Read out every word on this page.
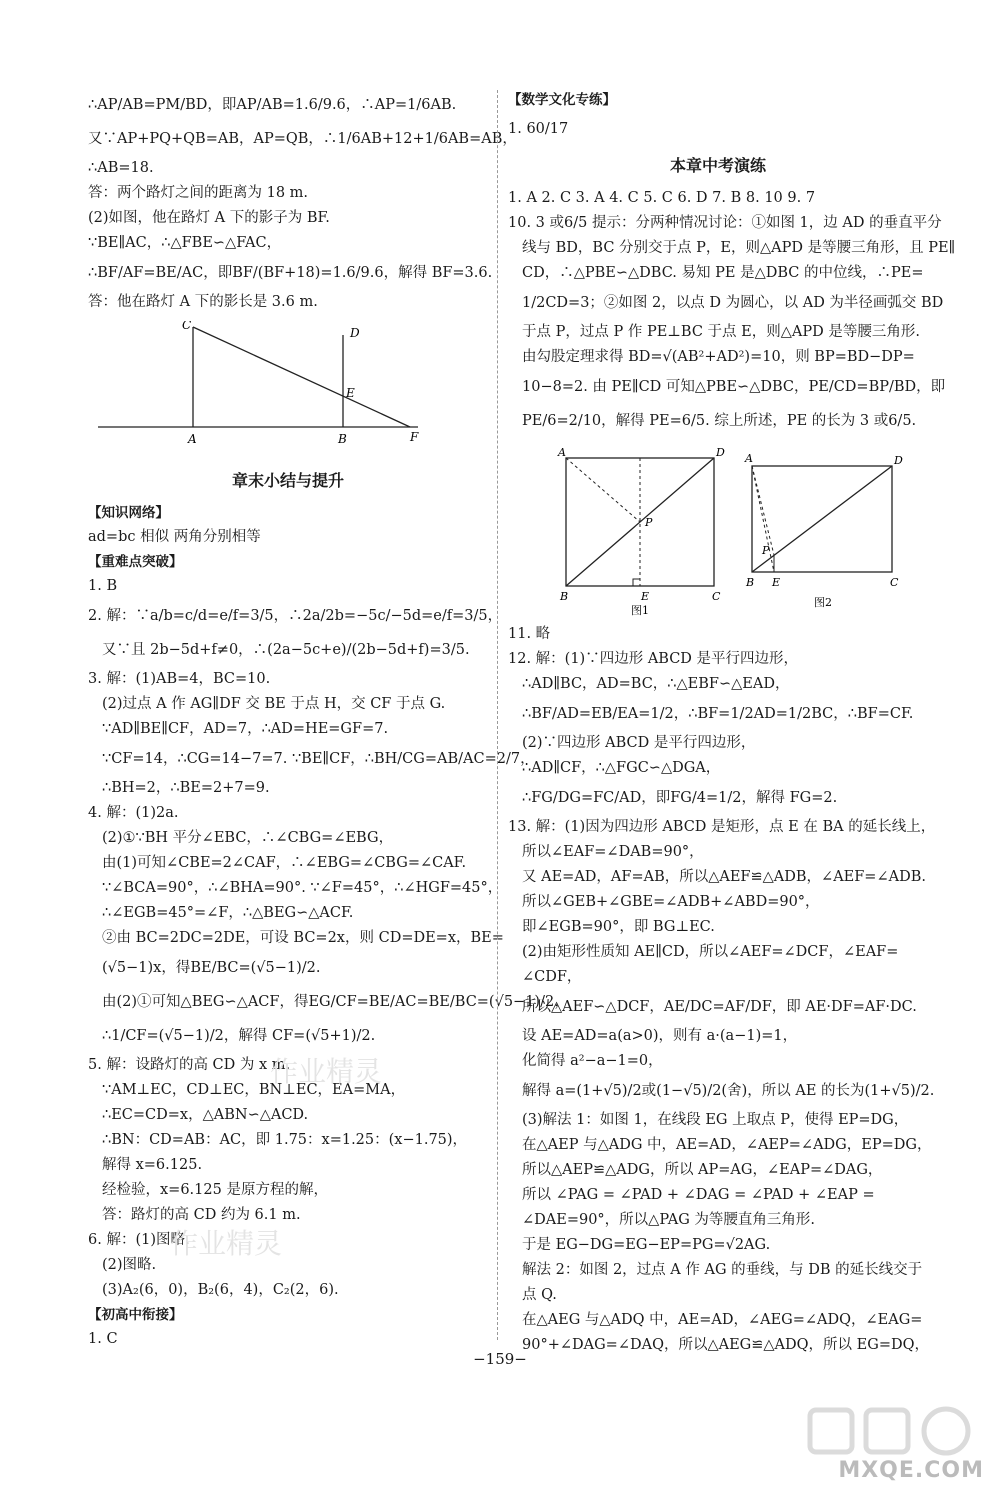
∴AP/AB=PM/BD，即AP/AB=1.6/9.6，∴AP=1/6AB.
又∵AP+PQ+QB=AB，AP=QB，∴1/6AB+12+1/6AB=AB，
∴AB=18.
答：两个路灯之间的距离为 18 m.
(2)如图，他在路灯 A 下的影子为 BF.
∵BE∥AC，∴△FBE∽△FAC，
∴BF/AF=BE/AC，即BF/(BF+18)=1.6/9.6，解得 BF=3.6.
答：他在路灯 A 下的影长是 3.6 m.
C
D
E
A	B	F
章末小结与提升
【知识网络】
ad=bc 相似 两角分别相等
【重难点突破】
1. B
2. 解：∵a/b=c/d=e/f=3/5，∴2a/2b=−5c/−5d=e/f=3/5，
又∵且 2b−5d+f≠0，∴(2a−5c+e)/(2b−5d+f)=3/5.
3. 解：(1)AB=4，BC=10.
(2)过点 A 作 AG∥DF 交 BE 于点 H，交 CF 于点 G.
∵AD∥BE∥CF，AD=7，∴AD=HE=GF=7.
∵CF=14，∴CG=14−7=7. ∵BE∥CF，∴BH/CG=AB/AC=2/7，
∴BH=2，∴BE=2+7=9.
4. 解：(1)2a.
(2)①∵BH 平分∠EBC，∴∠CBG=∠EBG，
由(1)可知∠CBE=2∠CAF，∴∠EBG=∠CBG=∠CAF.
∵∠BCA=90°，∴∠BHA=90°. ∵∠F=45°，∴∠HGF=45°，
∴∠EGB=45°=∠F，∴△BEG∽△ACF.
②由 BC=2DC=2DE，可设 BC=2x，则 CD=DE=x，BE=
(√5−1)x，得BE/BC=(√5−1)/2.
由(2)①可知△BEG∽△ACF，得EG/CF=BE/AC=BE/BC=(√5−1)/2，
∴1/CF=(√5−1)/2，解得 CF=(√5+1)/2.
5. 解：设路灯的高 CD 为 x m.
∵AM⊥EC，CD⊥EC，BN⊥EC，EA=MA，
∴EC=CD=x，△ABN∽△ACD.
∴BN：CD=AB：AC，即 1.75：x=1.25：(x−1.75)，
解得 x=6.125.
经检验，x=6.125 是原方程的解，
答：路灯的高 CD 约为 6.1 m.
6. 解：(1)图略.
(2)图略.
(3)A₂(6，0)，B₂(6，4)，C₂(2，6).
【初高中衔接】
1. C
【数学文化专练】
1. 60/17
本章中考演练
1. A 2. C 3. A 4. C 5. C 6. D 7. B 8. 10 9. 7
10. 3 或6/5 提示：分两种情况讨论：①如图 1，边 AD 的垂直平分
线与 BD，BC 分别交于点 P，E，则△APD 是等腰三角形，且 PE∥
CD，∴△PBE∽△DBC. 易知 PE 是△DBC 的中位线，∴PE=
1/2CD=3；②如图 2，以点 D 为圆心，以 AD 为半径画弧交 BD
于点 P，过点 P 作 PE⊥BC 于点 E，则△APD 是等腰三角形.
由勾股定理求得 BD=√(AB²+AD²)=10，则 BP=BD−DP=
10−8=2. 由 PE∥CD 可知△PBE∽△DBC，PE/CD=BP/BD，即
PE/6=2/10，解得 PE=6/5. 综上所述，PE 的长为 3 或6/5.
A	D
P
B	E	C
图1
A	D
P
B E	C
图2
11. 略
12. 解：(1)∵四边形 ABCD 是平行四边形，
∴AD∥BC，AD=BC，∴△EBF∽△EAD，
∴BF/AD=EB/EA=1/2，∴BF=1/2AD=1/2BC，∴BF=CF.
(2)∵四边形 ABCD 是平行四边形，
∴AD∥CF，∴△FGC∽△DGA，
∴FG/DG=FC/AD，即FG/4=1/2，解得 FG=2.
13. 解：(1)因为四边形 ABCD 是矩形，点 E 在 BA 的延长线上，
所以∠EAF=∠DAB=90°，
又 AE=AD，AF=AB，所以△AEF≌△ADB，∠AEF=∠ADB.
所以∠GEB+∠GBE=∠ADB+∠ABD=90°，
即∠EGB=90°，即 BG⊥EC.
(2)由矩形性质知 AE∥CD，所以∠AEF=∠DCF，∠EAF=
∠CDF，
所以△AEF∽△DCF，AE/DC=AF/DF，即 AE·DF=AF·DC.
设 AE=AD=a(a>0)，则有 a·(a−1)=1，
化简得 a²−a−1=0，
解得 a=(1+√5)/2或(1−√5)/2(舍)，所以 AE 的长为(1+√5)/2.
(3)解法 1：如图 1，在线段 EG 上取点 P，使得 EP=DG，
在△AEP 与△ADG 中，AE=AD，∠AEP=∠ADG，EP=DG，
所以△AEP≌△ADG，所以 AP=AG，∠EAP=∠DAG，
所以 ∠PAG = ∠PAD + ∠DAG = ∠PAD + ∠EAP =
∠DAE=90°，所以△PAG 为等腰直角三角形.
于是 EG−DG=EG−EP=PG=√2AG.
解法 2：如图 2，过点 A 作 AG 的垂线，与 DB 的延长线交于
点 Q.
在△AEG 与△ADQ 中，AE=AD，∠AEG=∠ADQ，∠EAG=
90°+∠DAG=∠DAQ，所以△AEG≌△ADQ，所以 EG=DQ，
作业精灵
作业精灵
−159−
MXQE.COM
